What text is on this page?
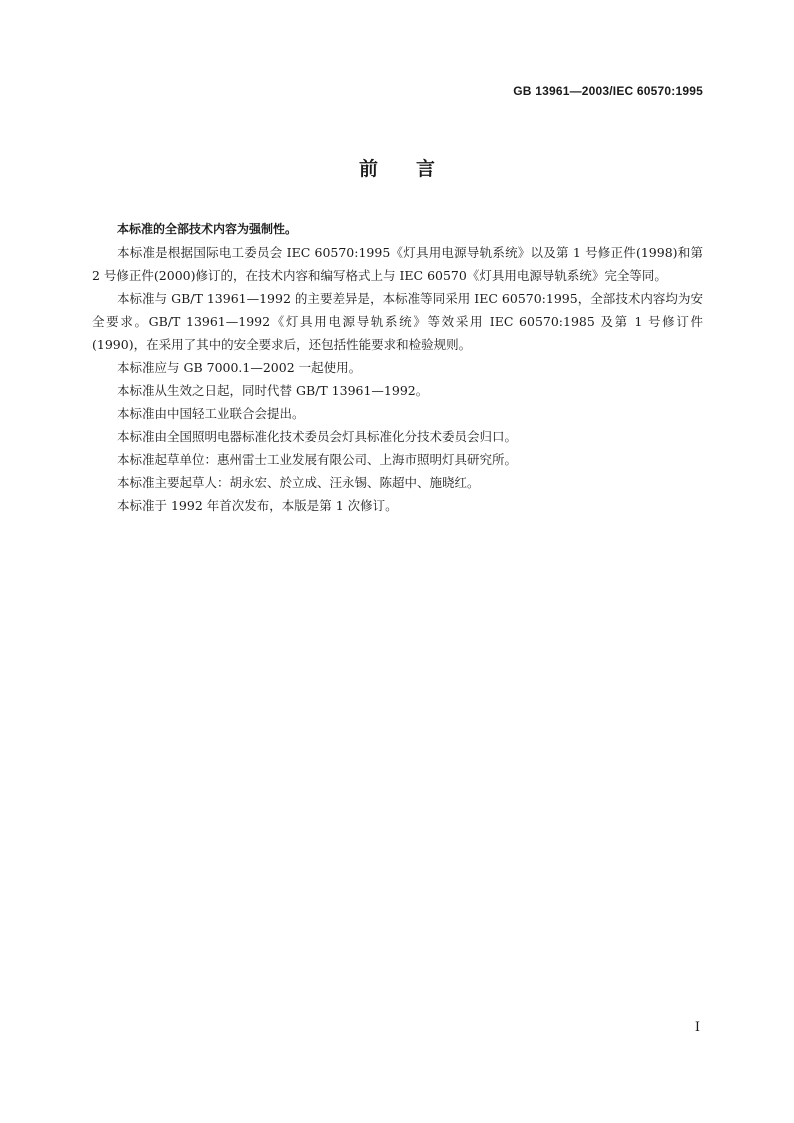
GB 13961—2003/IEC 60570:1995
前言

本标准的全部技术内容为强制性。

本标准是根据国际电工委员会 IEC 60570:1995《灯具用电源导轨系统》以及第 1 号修正件(1998)和第 2 号修正件(2000)修订的，在技术内容和编写格式上与 IEC 60570《灯具用电源导轨系统》完全等同。

本标准与 GB/T 13961—1992 的主要差异是，本标准等同采用 IEC 60570:1995，全部技术内容均为安全要求。GB/T 13961—1992《灯具用电源导轨系统》等效采用 IEC 60570:1985 及第 1 号修订件(1990)，在采用了其中的安全要求后，还包括性能要求和检验规则。

本标准应与 GB 7000.1—2002 一起使用。

本标准从生效之日起，同时代替 GB/T 13961—1992。

本标准由中国轻工业联合会提出。

本标准由全国照明电器标准化技术委员会灯具标准化分技术委员会归口。

本标准起草单位：惠州雷士工业发展有限公司、上海市照明灯具研究所。

本标准主要起草人：胡永宏、於立成、汪永锡、陈超中、施晓红。

本标准于 1992 年首次发布，本版是第 1 次修订。

I
